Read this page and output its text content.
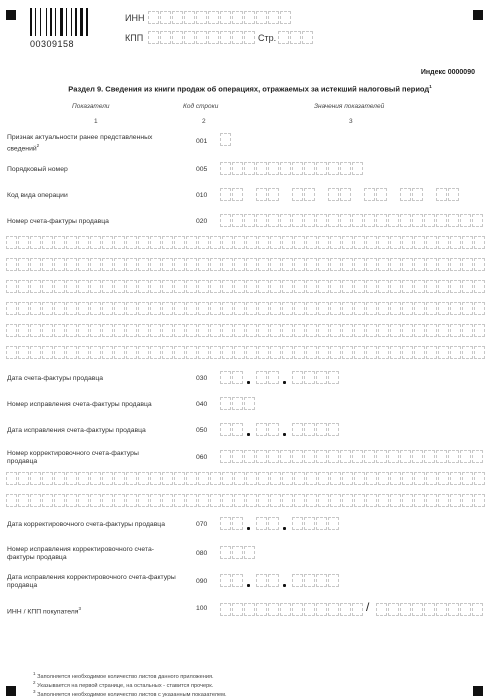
00309158
ИНН
КПП	Стр.
Индекс 0000090
Раздел 9. Сведения из книги продаж об операциях, отражаемых за истекший налоговый период$^1$
Показатели	Код строки	Значения показателей
1	2	3
Признак актуальности ранее представленных сведений$^2$
001
Порядковый номер	005
Код вида операции	010
Номер счета-фактуры продавца	020
Дата счета-фактуры продавца	030
Номер исправления счета-фактуры продавца	040
Дата исправления счета-фактуры продавца	050
Номер корректировочного счета-фактуры продавца
060
Дата корректировочного счета-фактуры продавца	070
Номер исправления корректировочного счета-фактуры продавца
080
Дата исправления корректировочного счета-фактуры продавца
090
ИНН / КПП покупателя$^3$	100	/
$^1$ Заполняется необходимое количество листов данного приложения.
$^2$ Указывается на первой странице, на остальных - ставится прочерк.
$^3$ Заполняется необходимое количество листов с указанным показателем.
